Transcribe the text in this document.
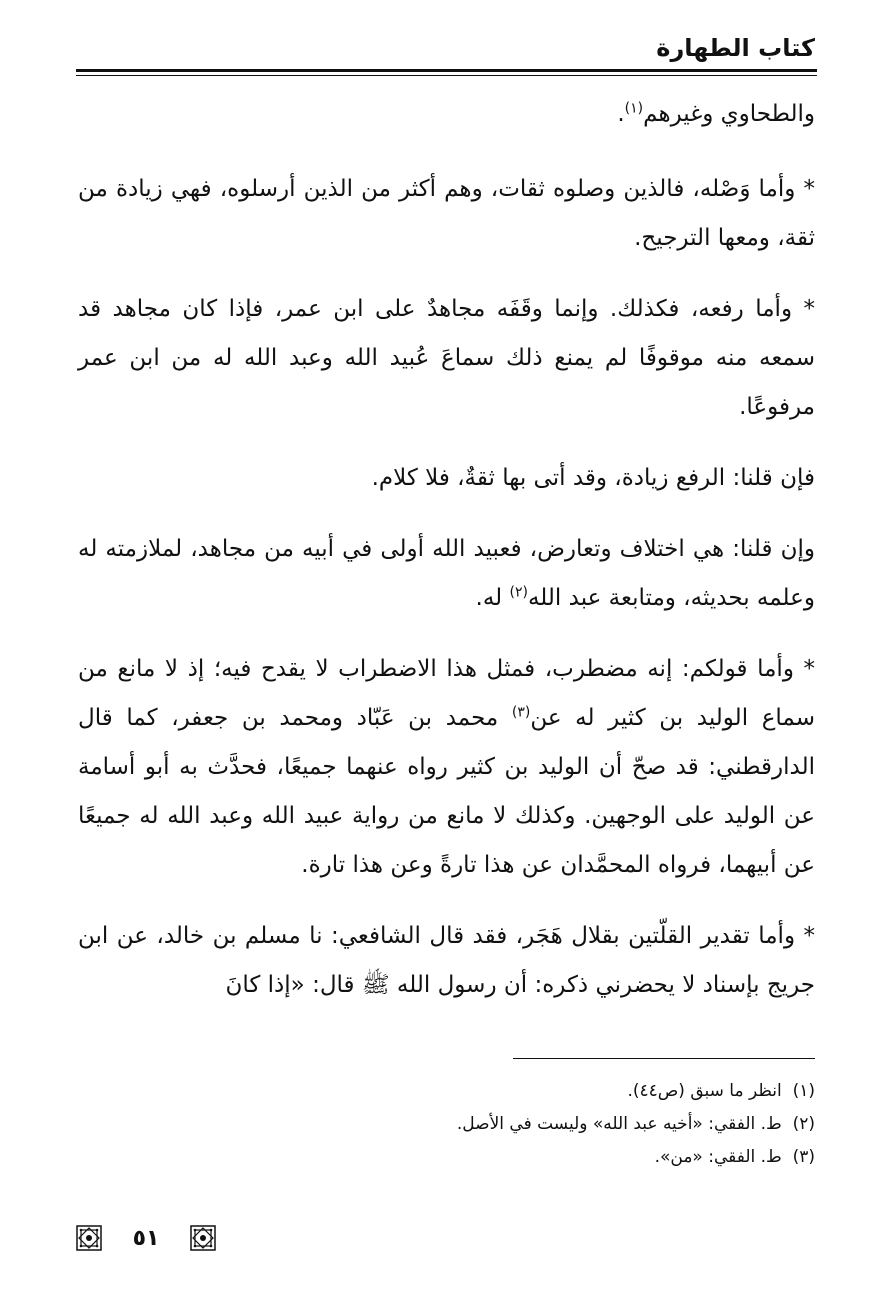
كتاب الطهارة

والطحاوي وغيرهم$^{(١)}$.

* وأما وَصْله، فالذين وصلوه ثقات، وهم أكثر من الذين أرسلوه، فهي زيادة من ثقة، ومعها الترجيح.

* وأما رفعه، فكذلك. وإنما وقَفَه مجاهدٌ على ابن عمر، فإذا كان مجاهد قد سمعه منه موقوفًا لم يمنع ذلك سماعَ عُبيد الله وعبد الله له من ابن عمر مرفوعًا.

فإن قلنا: الرفع زيادة، وقد أتى بها ثقةٌ، فلا كلام.

وإن قلنا: هي اختلاف وتعارض، فعبيد الله أولى في أبيه من مجاهد، لملازمته له وعلمه بحديثه، ومتابعة عبد الله$^{(٢)}$ له.

* وأما قولكم: إنه مضطرب، فمثل هذا الاضطراب لا يقدح فيه؛ إذ لا مانع من سماع الوليد بن كثير له عن$^{(٣)}$ محمد بن عَبّاد ومحمد بن جعفر، كما قال الدارقطني: قد صحّ أن الوليد بن كثير رواه عنهما جميعًا، فحدَّث به أبو أسامة عن الوليد على الوجهين. وكذلك لا مانع من رواية عبيد الله وعبد الله له جميعًا عن أبيهما، فرواه المحمَّدان عن هذا تارةً وعن هذا تارة.

* وأما تقدير القلّتين بقلال هَجَر، فقد قال الشافعي: نا مسلم بن خالد، عن ابن جريج بإسناد لا يحضرني ذكره: أن رسول الله ﷺ قال: «إذا كانَ

(١)  انظر ما سبق (ص٤٤).
(٢)  ط. الفقي: «أخيه عبد الله» وليست في الأصل.
(٣)  ط. الفقي: «من».
٥١
